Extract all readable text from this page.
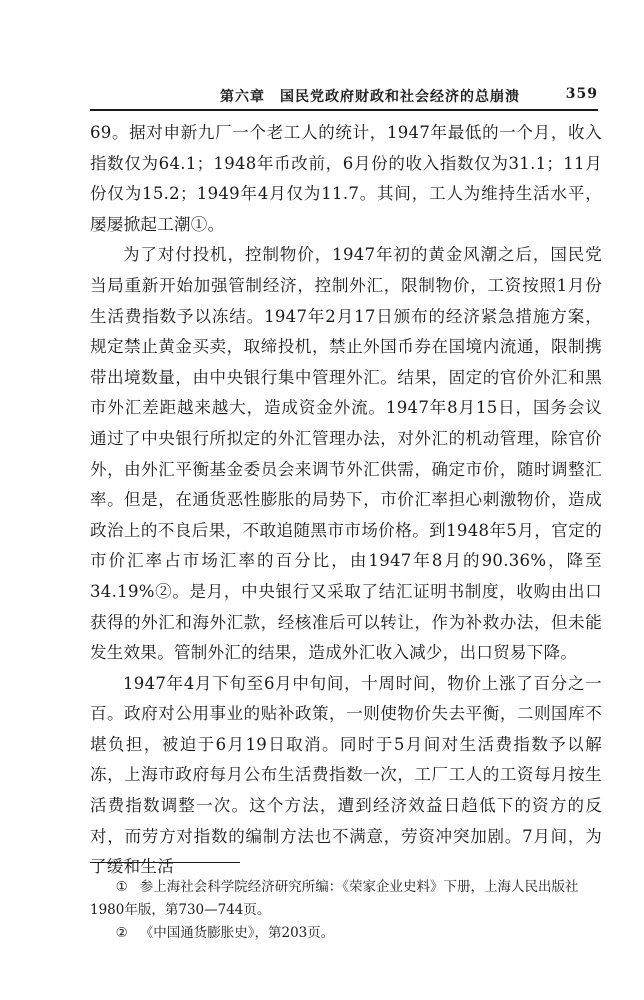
第六章　国民党政府财政和社会经济的总崩溃	359

69。据对申新九厂一个老工人的统计，1947年最低的一个月，收入指数仅为64.1；1948年币改前，6月份的收入指数仅为31.1；11月份仅为15.2；1949年4月仅为11.7。其间，工人为维持生活水平，屡屡掀起工潮①。

为了对付投机，控制物价，1947年初的黄金风潮之后，国民党当局重新开始加强管制经济，控制外汇，限制物价，工资按照1月份生活费指数予以冻结。1947年2月17日颁布的经济紧急措施方案，规定禁止黄金买卖，取缔投机，禁止外国币券在国境内流通，限制携带出境数量，由中央银行集中管理外汇。结果，固定的官价外汇和黑市外汇差距越来越大，造成资金外流。1947年8月15日，国务会议通过了中央银行所拟定的外汇管理办法，对外汇的机动管理，除官价外，由外汇平衡基金委员会来调节外汇供需，确定市价，随时调整汇率。但是，在通货恶性膨胀的局势下，市价汇率担心刺激物价，造成政治上的不良后果，不敢追随黑市市场价格。到1948年5月，官定的市价汇率占市场汇率的百分比，由1947年8月的90.36%，降至34.19%②。是月，中央银行又采取了结汇证明书制度，收购由出口获得的外汇和海外汇款，经核准后可以转让，作为补救办法，但未能发生效果。管制外汇的结果，造成外汇收入减少，出口贸易下降。

1947年4月下旬至6月中旬间，十周时间，物价上涨了百分之一百。政府对公用事业的贴补政策，一则使物价失去平衡，二则国库不堪负担，被迫于6月19日取消。同时于5月间对生活费指数予以解冻，上海市政府每月公布生活费指数一次，工厂工人的工资每月按生活费指数调整一次。这个方法，遭到经济效益日趋低下的资方的反对，而劳方对指数的编制方法也不满意，劳资冲突加剧。7月间，为了缓和生活

① 参上海社会科学院经济研究所编：《荣家企业史料》下册，上海人民出版社1980年版，第730—744页。

② 《中国通货膨胀史》，第203页。
